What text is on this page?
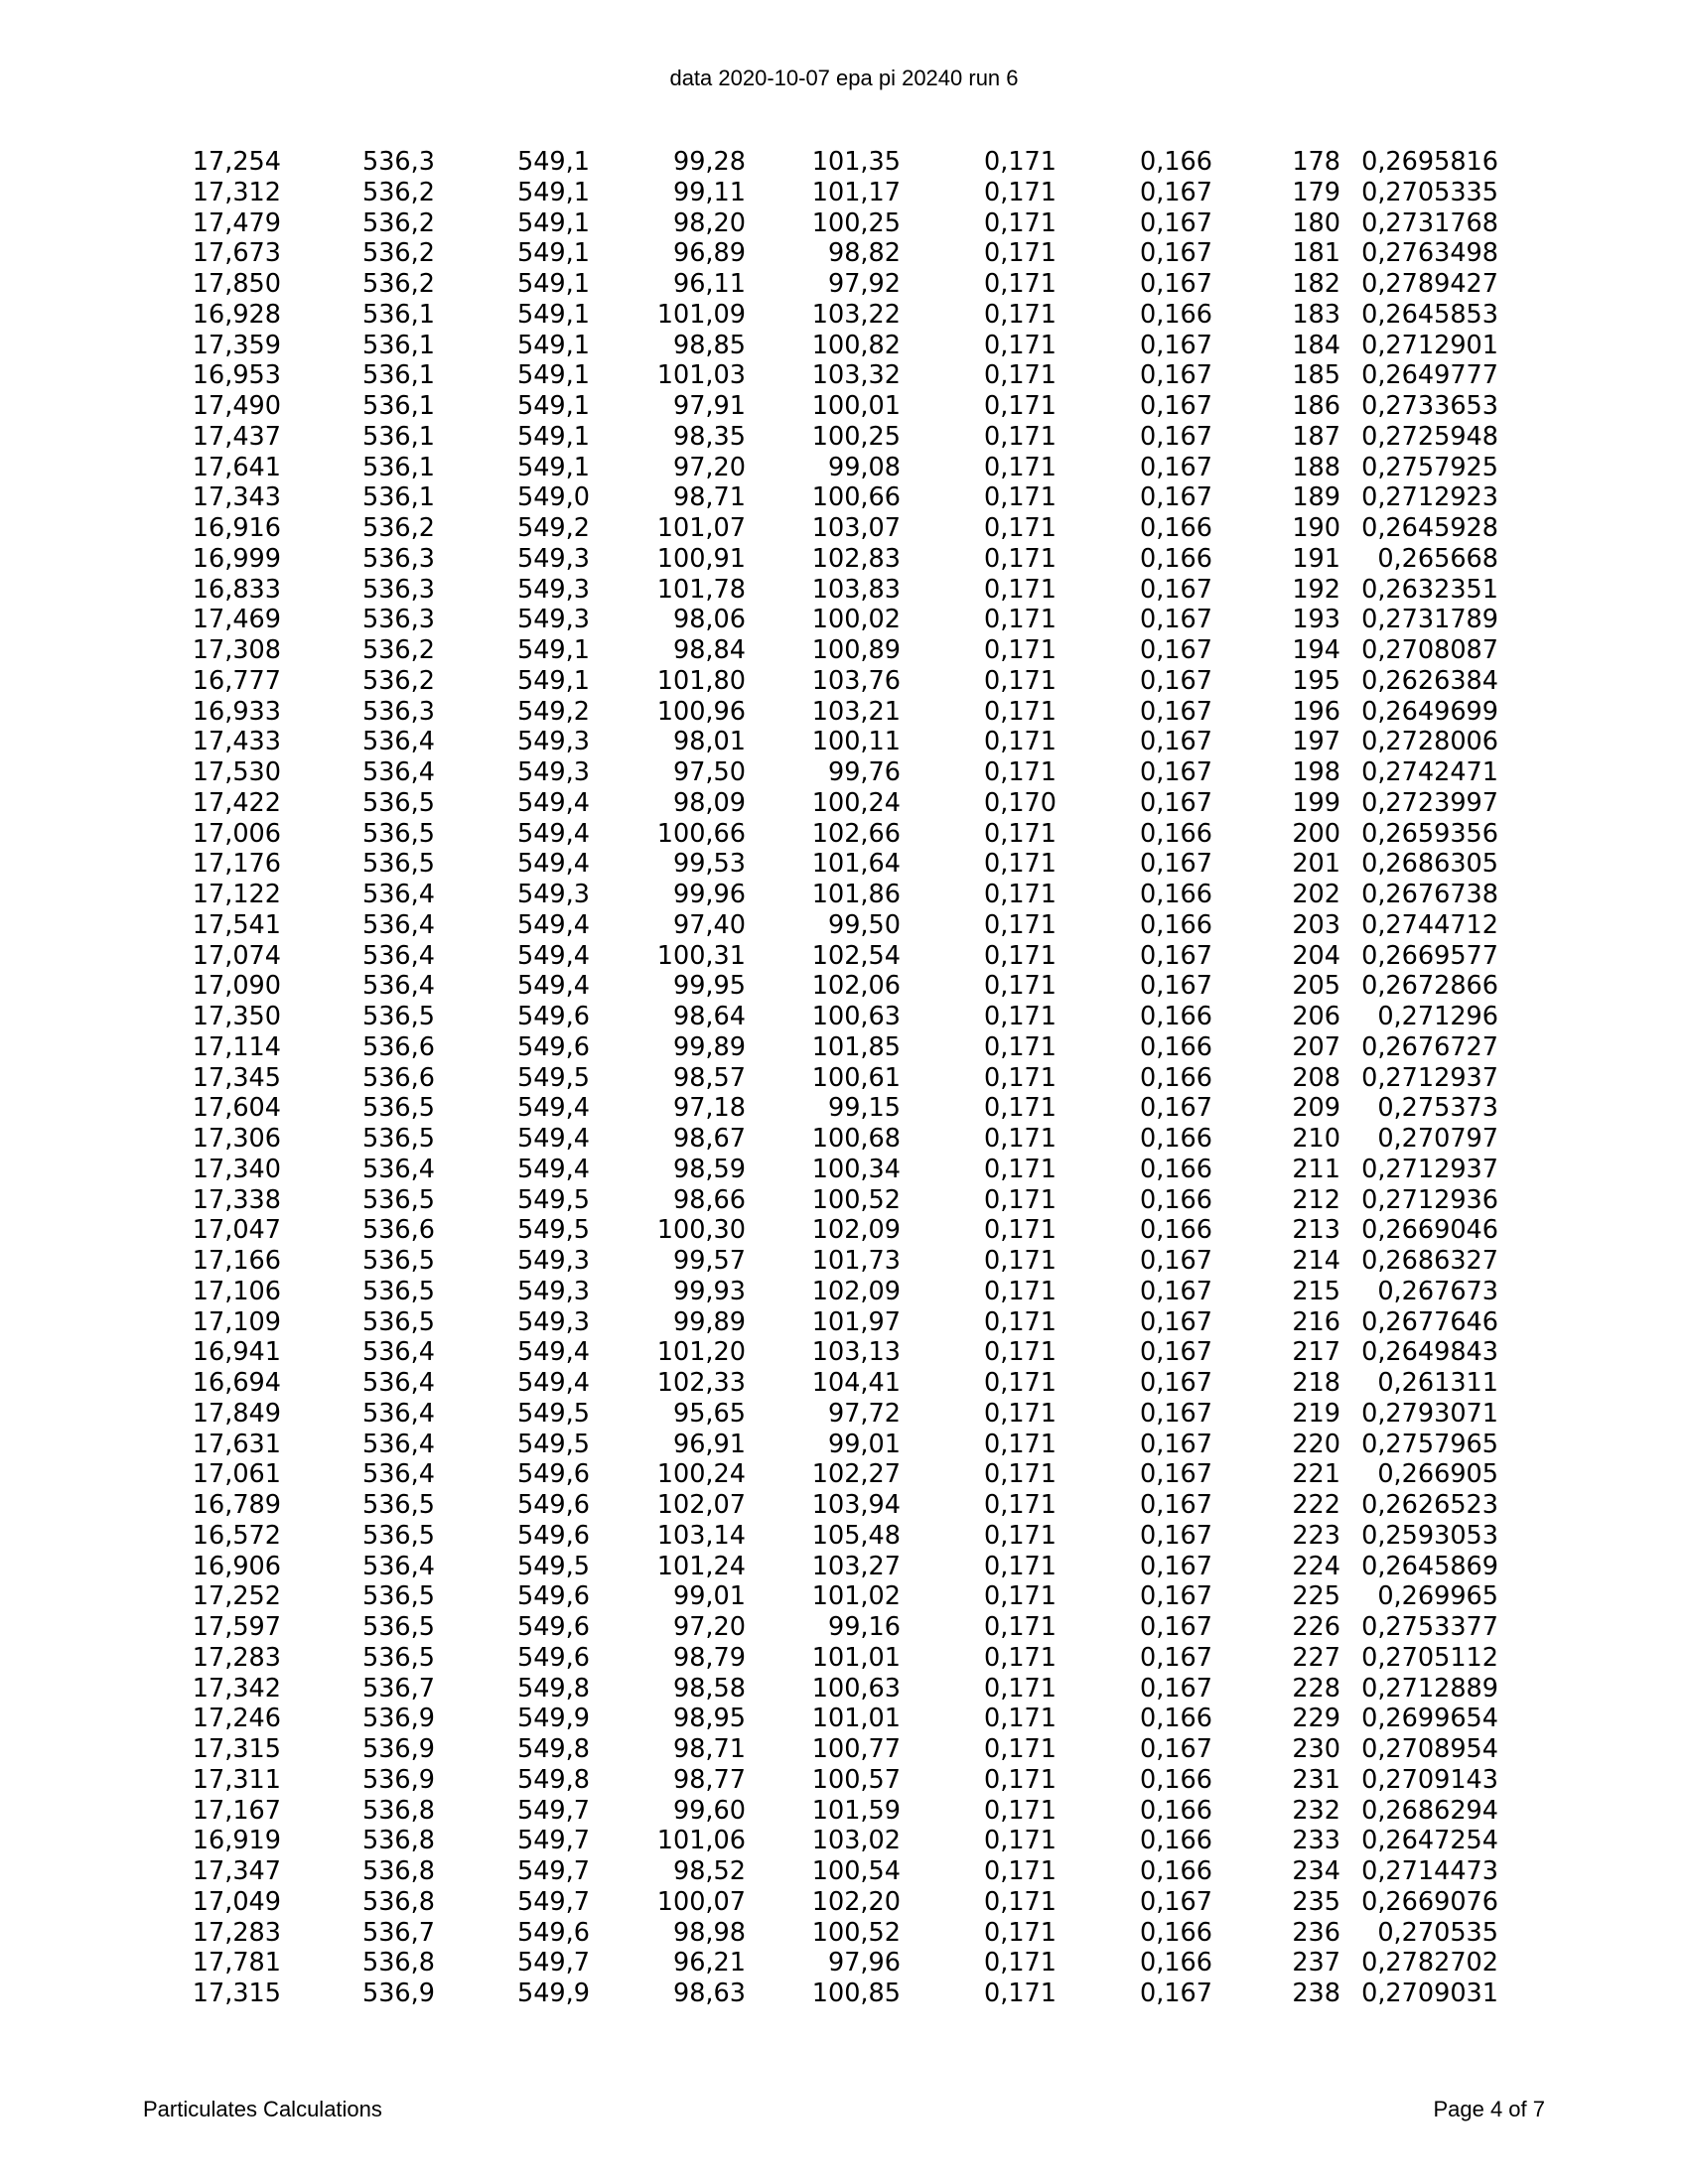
data 2020-10-07 epa pi 20240 run 6
17,254	536,3	549,1	99,28	101,35	0,171	0,166	178 0,2695816
17,312	536,2	549,1	99,11	101,17	0,171	0,167	179 0,2705335
17,479	536,2	549,1	98,20	100,25	0,171	0,167	180 0,2731768
17,673	536,2	549,1	96,89	98,82	0,171	0,167	181 0,2763498
17,850	536,2	549,1	96,11	97,92	0,171	0,167	182 0,2789427
16,928	536,1	549,1	101,09	103,22	0,171	0,166	183 0,2645853
17,359	536,1	549,1	98,85	100,82	0,171	0,167	184 0,2712901
16,953	536,1	549,1	101,03	103,32	0,171	0,167	185 0,2649777
17,490	536,1	549,1	97,91	100,01	0,171	0,167	186 0,2733653
17,437	536,1	549,1	98,35	100,25	0,171	0,167	187 0,2725948
17,641	536,1	549,1	97,20	99,08	0,171	0,167	188 0,2757925
17,343	536,1	549,0	98,71	100,66	0,171	0,167	189 0,2712923
16,916	536,2	549,2	101,07	103,07	0,171	0,166	190 0,2645928
16,999	536,3	549,3	100,91	102,83	0,171	0,166	191 0,265668
16,833	536,3	549,3	101,78	103,83	0,171	0,167	192 0,2632351
17,469	536,3	549,3	98,06	100,02	0,171	0,167	193 0,2731789
17,308	536,2	549,1	98,84	100,89	0,171	0,167	194 0,2708087
16,777	536,2	549,1	101,80	103,76	0,171	0,167	195 0,2626384
16,933	536,3	549,2	100,96	103,21	0,171	0,167	196 0,2649699
17,433	536,4	549,3	98,01	100,11	0,171	0,167	197 0,2728006
17,530	536,4	549,3	97,50	99,76	0,171	0,167	198 0,2742471
17,422	536,5	549,4	98,09	100,24	0,170	0,167	199 0,2723997
17,006	536,5	549,4	100,66	102,66	0,171	0,166	200 0,2659356
17,176	536,5	549,4	99,53	101,64	0,171	0,167	201 0,2686305
17,122	536,4	549,3	99,96	101,86	0,171	0,166	202 0,2676738
17,541	536,4	549,4	97,40	99,50	0,171	0,166	203 0,2744712
17,074	536,4	549,4	100,31	102,54	0,171	0,167	204 0,2669577
17,090	536,4	549,4	99,95	102,06	0,171	0,167	205 0,2672866
17,350	536,5	549,6	98,64	100,63	0,171	0,166	206 0,271296
17,114	536,6	549,6	99,89	101,85	0,171	0,166	207 0,2676727
17,345	536,6	549,5	98,57	100,61	0,171	0,166	208 0,2712937
17,604	536,5	549,4	97,18	99,15	0,171	0,167	209 0,275373
17,306	536,5	549,4	98,67	100,68	0,171	0,166	210 0,270797
17,340	536,4	549,4	98,59	100,34	0,171	0,166	211 0,2712937
17,338	536,5	549,5	98,66	100,52	0,171	0,166	212 0,2712936
17,047	536,6	549,5	100,30	102,09	0,171	0,166	213 0,2669046
17,166	536,5	549,3	99,57	101,73	0,171	0,167	214 0,2686327
17,106	536,5	549,3	99,93	102,09	0,171	0,167	215 0,267673
17,109	536,5	549,3	99,89	101,97	0,171	0,167	216 0,2677646
16,941	536,4	549,4	101,20	103,13	0,171	0,167	217 0,2649843
16,694	536,4	549,4	102,33	104,41	0,171	0,167	218 0,261311
17,849	536,4	549,5	95,65	97,72	0,171	0,167	219 0,2793071
17,631	536,4	549,5	96,91	99,01	0,171	0,167	220 0,2757965
17,061	536,4	549,6	100,24	102,27	0,171	0,167	221 0,266905
16,789	536,5	549,6	102,07	103,94	0,171	0,167	222 0,2626523
16,572	536,5	549,6	103,14	105,48	0,171	0,167	223 0,2593053
16,906	536,4	549,5	101,24	103,27	0,171	0,167	224 0,2645869
17,252	536,5	549,6	99,01	101,02	0,171	0,167	225 0,269965
17,597	536,5	549,6	97,20	99,16	0,171	0,167	226 0,2753377
17,283	536,5	549,6	98,79	101,01	0,171	0,167	227 0,2705112
17,342	536,7	549,8	98,58	100,63	0,171	0,167	228 0,2712889
17,246	536,9	549,9	98,95	101,01	0,171	0,166	229 0,2699654
17,315	536,9	549,8	98,71	100,77	0,171	0,167	230 0,2708954
17,311	536,9	549,8	98,77	100,57	0,171	0,166	231 0,2709143
17,167	536,8	549,7	99,60	101,59	0,171	0,166	232 0,2686294
16,919	536,8	549,7	101,06	103,02	0,171	0,166	233 0,2647254
17,347	536,8	549,7	98,52	100,54	0,171	0,166	234 0,2714473
17,049	536,8	549,7	100,07	102,20	0,171	0,167	235 0,2669076
17,283	536,7	549,6	98,98	100,52	0,171	0,166	236 0,270535
17,781	536,8	549,7	96,21	97,96	0,171	0,166	237 0,2782702
17,315	536,9	549,9	98,63	100,85	0,171	0,167	238 0,2709031
Particulates Calculations	Page 4 of 7
